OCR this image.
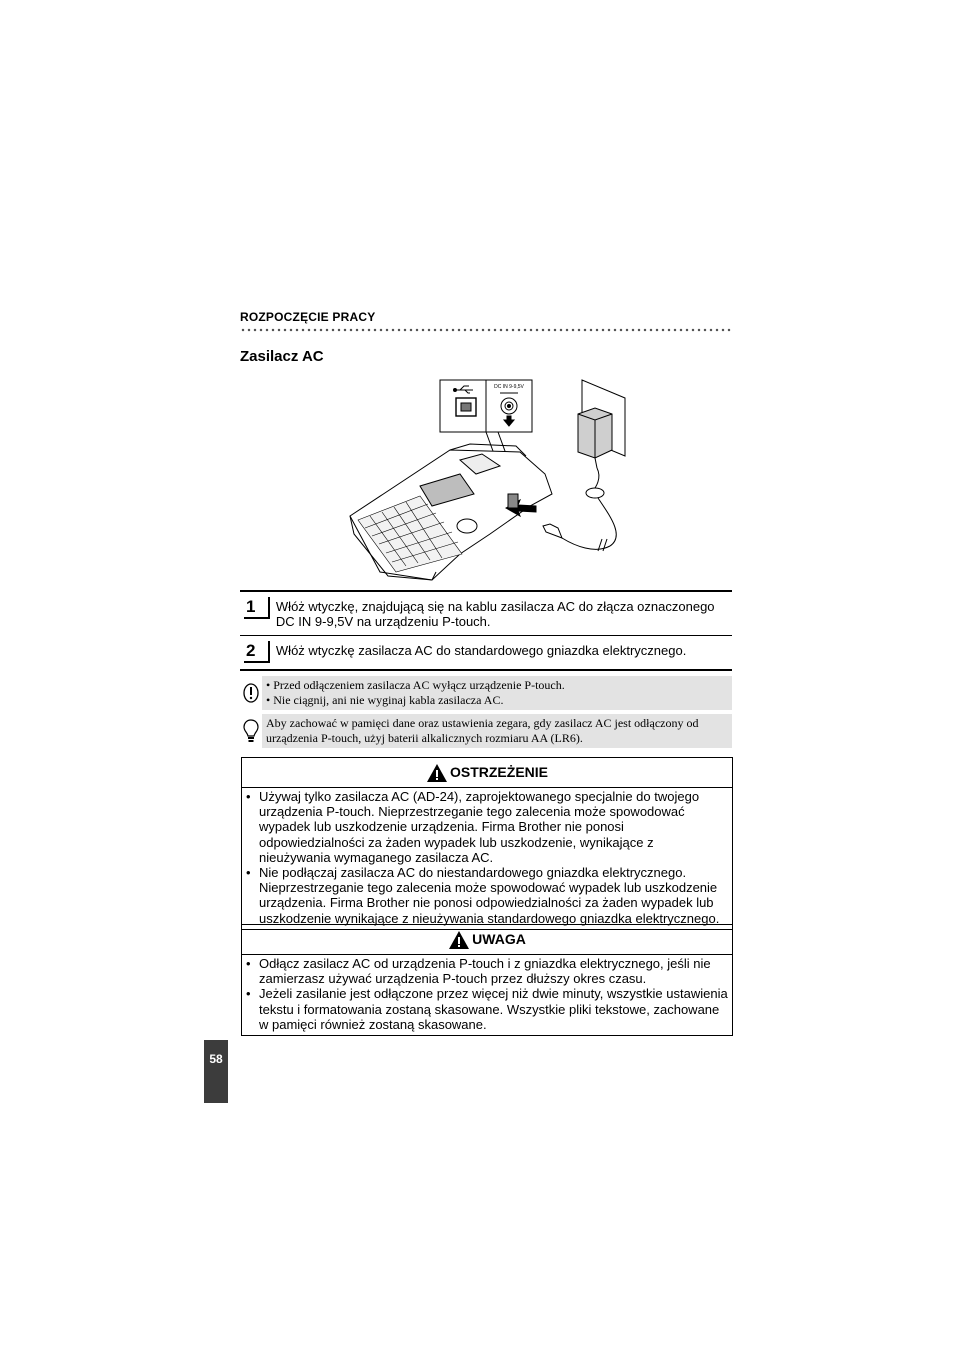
ROZPOCZĘCIE PRACY
Zasilacz AC
DC IN 9-9,5V
1	Włóż wtyczkę, znajdującą się na kablu zasilacza AC do złącza oznaczonego DC IN 9-9,5V na urządzeniu P-touch.
2	Włóż wtyczkę zasilacza AC do standardowego gniazdka elektrycznego.
• Przed odłączeniem zasilacza AC wyłącz urządzenie P-touch.
• Nie ciągnij, ani nie wyginaj kabla zasilacza AC.
Aby zachować w pamięci dane oraz ustawienia zegara, gdy zasilacz AC jest odłączony od urządzenia P-touch, użyj baterii alkalicznych rozmiaru AA (LR6).
OSTRZEŻENIE
• Używaj tylko zasilacza AC (AD-24), zaprojektowanego specjalnie do twojego urządzenia P-touch. Nieprzestrzeganie tego zalecenia może spowodować wypadek lub uszkodzenie urządzenia. Firma Brother nie ponosi odpowiedzialności za żaden wypadek lub uszkodzenie, wynikające z nieużywania wymaganego zasilacza AC.
• Nie podłączaj zasilacza AC do niestandardowego gniazdka elektrycznego. Nieprzestrzeganie tego zalecenia może spowodować wypadek lub uszkodzenie urządzenia. Firma Brother nie ponosi odpowiedzialności za żaden wypadek lub uszkodzenie wynikające z nieużywania standardowego gniazdka elektrycznego.
UWAGA
• Odłącz zasilacz AC od urządzenia P-touch i z gniazdka elektrycznego, jeśli nie zamierzasz używać urządzenia P-touch przez dłuższy okres czasu.
• Jeżeli zasilanie jest odłączone przez więcej niż dwie minuty, wszystkie ustawienia tekstu i formatowania zostaną skasowane. Wszystkie pliki tekstowe, zachowane w pamięci również zostaną skasowane.
58
